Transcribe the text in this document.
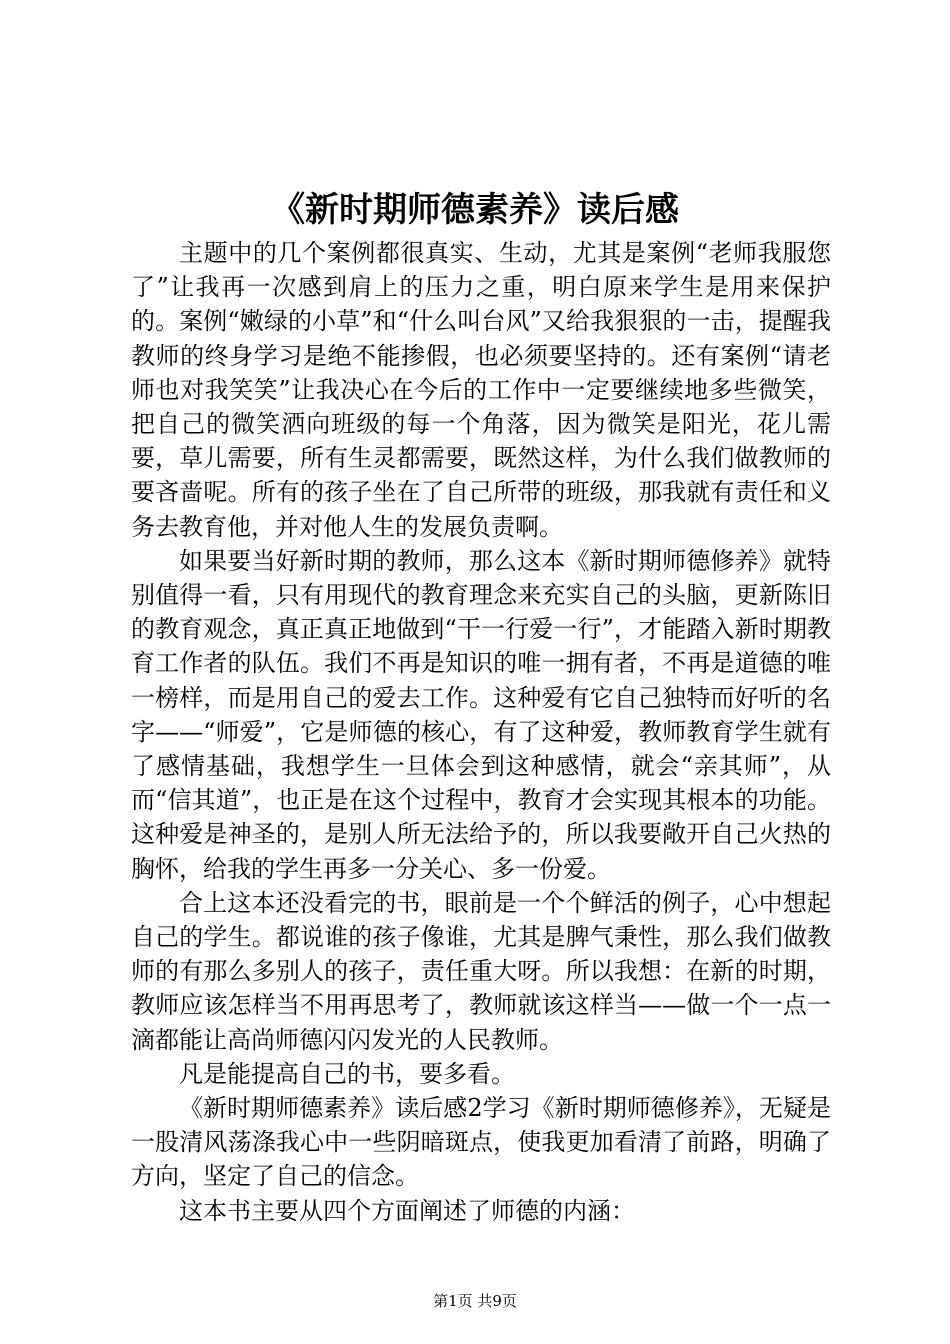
《新时期师德素养》读后感

主题中的几个案例都很真实、生动，尤其是案例“老师我服您了”让我再一次感到肩上的压力之重，明白原来学生是用来保护的。案例“嫩绿的小草”和“什么叫台风”又给我狠狠的一击，提醒我教师的终身学习是绝不能掺假，也必须要坚持的。还有案例“请老师也对我笑笑”让我决心在今后的工作中一定要继续地多些微笑，把自己的微笑洒向班级的每一个角落，因为微笑是阳光，花儿需要，草儿需要，所有生灵都需要，既然这样，为什么我们做教师的要吝啬呢。所有的孩子坐在了自己所带的班级，那我就有责任和义务去教育他，并对他人生的发展负责啊。

如果要当好新时期的教师，那么这本《新时期师德修养》就特别值得一看，只有用现代的教育理念来充实自己的头脑，更新陈旧的教育观念，真正真正地做到“干一行爱一行”，才能踏入新时期教育工作者的队伍。我们不再是知识的唯一拥有者，不再是道德的唯一榜样，而是用自己的爱去工作。这种爱有它自己独特而好听的名字——“师爱”，它是师德的核心，有了这种爱，教师教育学生就有了感情基础，我想学生一旦体会到这种感情，就会“亲其师”，从而“信其道”，也正是在这个过程中，教育才会实现其根本的功能。这种爱是神圣的，是别人所无法给予的，所以我要敞开自己火热的胸怀，给我的学生再多一分关心、多一份爱。

合上这本还没看完的书，眼前是一个个鲜活的例子，心中想起自己的学生。都说谁的孩子像谁，尤其是脾气秉性，那么我们做教师的有那么多别人的孩子，责任重大呀。所以我想：在新的时期，教师应该怎样当不用再思考了，教师就该这样当——做一个一点一滴都能让高尚师德闪闪发光的人民教师。

凡是能提高自己的书，要多看。

《新时期师德素养》读后感2学习《新时期师德修养》，无疑是一股清风荡涤我心中一些阴暗斑点，使我更加看清了前路，明确了方向，坚定了自己的信念。

这本书主要从四个方面阐述了师德的内涵：

第1页 共9页
